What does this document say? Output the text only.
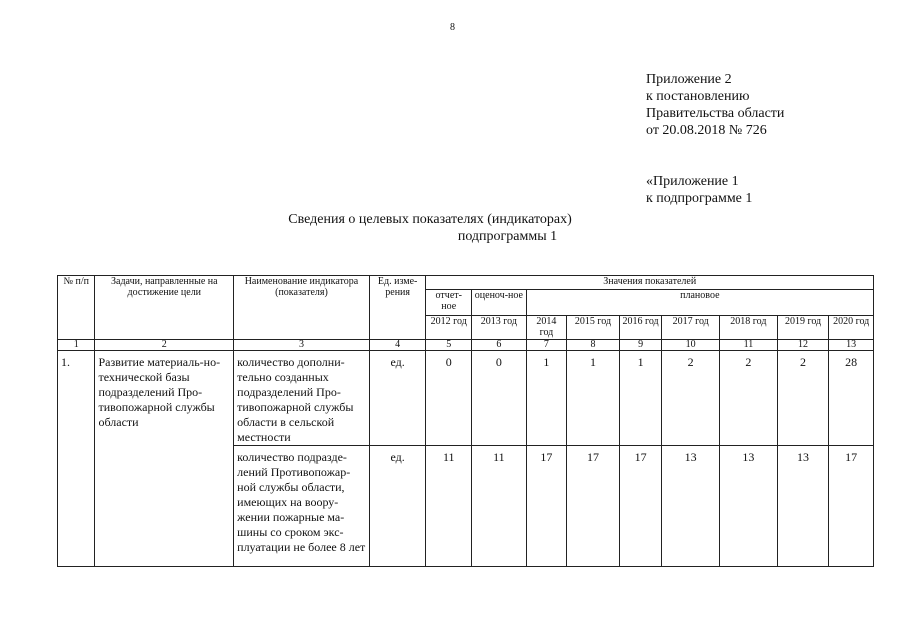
8
Приложение 2
к постановлению
Правительства области
от 20.08.2018 № 726
«Приложение 1
к подпрограмме 1
Сведения о целевых показателях (индикаторах)
подпрограммы 1
№ п/п	Задачи, направленные на достижение цели	Наименование индикатора (показателя)	Ед. изме-рения	Значения показателей								
				отчет-ное	оценоч-ное	плановое						
				2012 год	2013 год	2014 год	2015 год	2016 год	2017 год	2018 год	2019 год	2020 год
1	2	3	4	5	6	7	8	9	10	11	12	13
1.	Развитие материаль-но-технической базы подразделений Про-тивопожарной службы области	количество дополни-тельно созданных подразделений Про-тивопожарной службы области в сельской местности	ед.	0	0	1	1	1	2	2	2	28
		количество подразде-лений Противопожар-ной службы области, имеющих на воору-жении пожарные ма-шины со сроком экс-плуатации не более 8 лет	ед.	11	11	17	17	17	13	13	13	17
